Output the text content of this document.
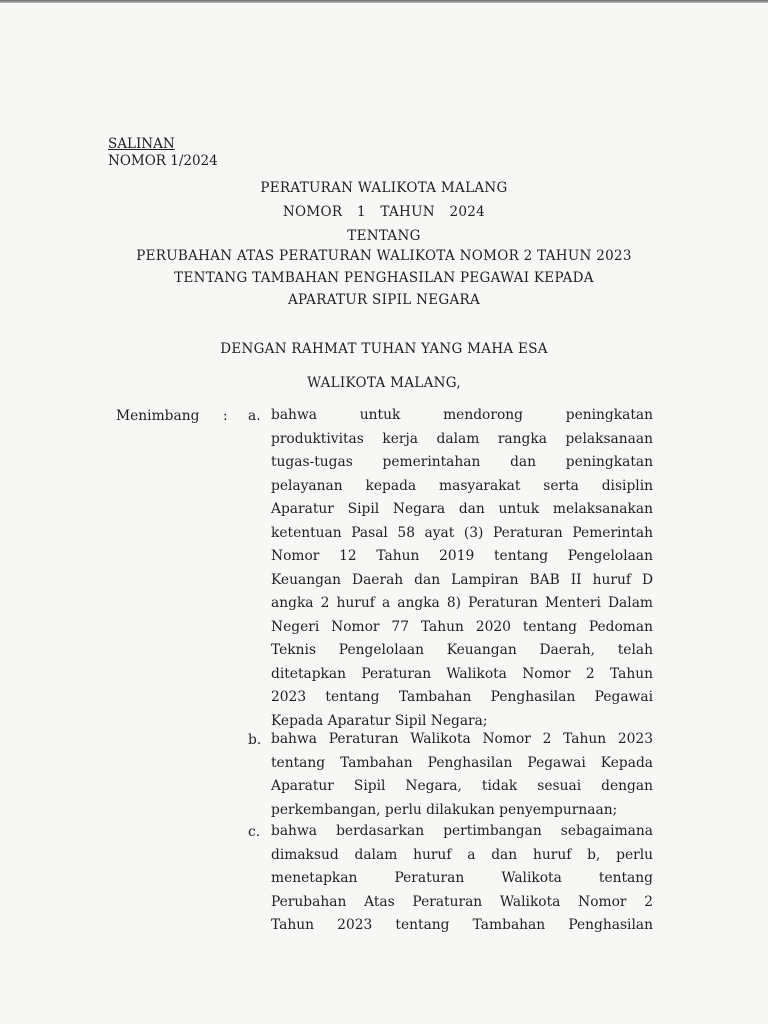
SALINAN
NOMOR 1/2024
PERATURAN WALIKOTA MALANG
NOMOR 1 TAHUN 2024
TENTANG
PERUBAHAN ATAS PERATURAN WALIKOTA NOMOR 2 TAHUN 2023
TENTANG TAMBAHAN PENGHASILAN PEGAWAI KEPADA
APARATUR SIPIL NEGARA
DENGAN RAHMAT TUHAN YANG MAHA ESA
WALIKOTA MALANG,
Menimbang : a. bahwa untuk mendorong peningkatan
produktivitas kerja dalam rangka pelaksanaan
tugas-tugas pemerintahan dan peningkatan
pelayanan kepada masyarakat serta disiplin
Aparatur Sipil Negara dan untuk melaksanakan
ketentuan Pasal 58 ayat (3) Peraturan Pemerintah
Nomor 12 Tahun 2019 tentang Pengelolaan
Keuangan Daerah dan Lampiran BAB II huruf D
angka 2 huruf a angka 8) Peraturan Menteri Dalam
Negeri Nomor 77 Tahun 2020 tentang Pedoman
Teknis Pengelolaan Keuangan Daerah, telah
ditetapkan Peraturan Walikota Nomor 2 Tahun
2023 tentang Tambahan Penghasilan Pegawai
Kepada Aparatur Sipil Negara;
b. bahwa Peraturan Walikota Nomor 2 Tahun 2023
tentang Tambahan Penghasilan Pegawai Kepada
Aparatur Sipil Negara, tidak sesuai dengan
perkembangan, perlu dilakukan penyempurnaan;
c. bahwa berdasarkan pertimbangan sebagaimana
dimaksud dalam huruf a dan huruf b, perlu
menetapkan Peraturan Walikota tentang
Perubahan Atas Peraturan Walikota Nomor 2
Tahun 2023 tentang Tambahan Penghasilan
